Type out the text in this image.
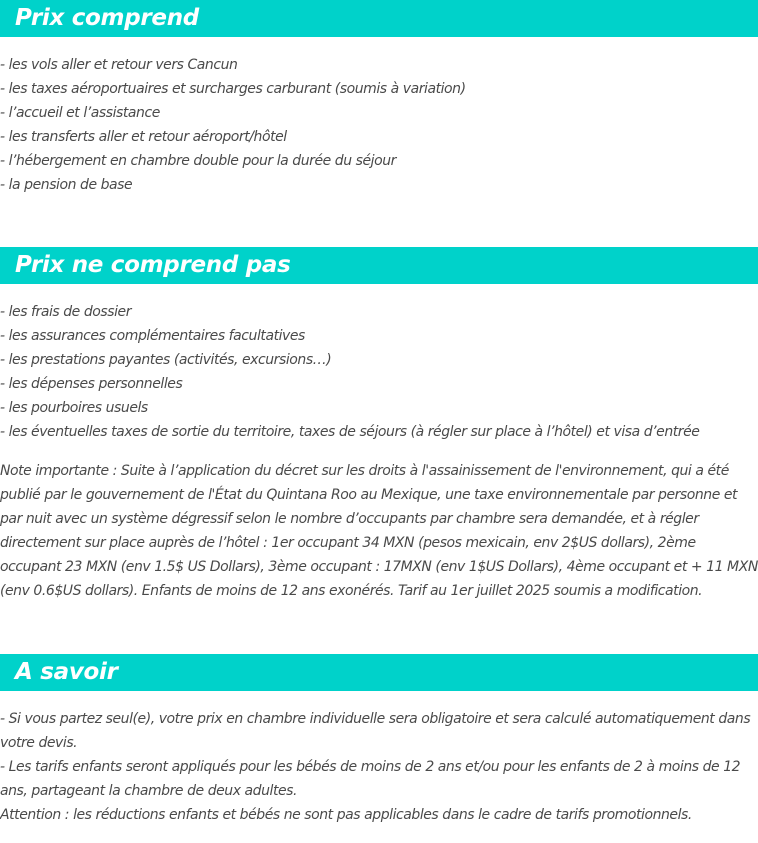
Prix comprend
- les vols aller et retour vers Cancun
- les taxes aéroportuaires et surcharges carburant (soumis à variation)
- l’accueil et l’assistance
- les transferts aller et retour aéroport/hôtel
- l’hébergement en chambre double pour la durée du séjour
- la pension de base
Prix ne comprend pas
- les frais de dossier
- les assurances complémentaires facultatives
- les prestations payantes (activités, excursions…)
- les dépenses personnelles
- les pourboires usuels
- les éventuelles taxes de sortie du territoire, taxes de séjours (à régler sur place à l’hôtel) et visa d’entrée

Note importante : Suite à l’application du décret sur les droits à l'assainissement de l'environnement, qui a été publié par le gouvernement de l'État du Quintana Roo au Mexique, une taxe environnementale par personne et par nuit avec un système dégressif selon le nombre d’occupants par chambre sera demandée, et à régler directement sur place auprès de l’hôtel : 1er occupant 34 MXN (pesos mexicain, env 2$US dollars), 2ème occupant 23 MXN (env 1.5$ US Dollars), 3ème occupant : 17MXN (env 1$US Dollars), 4ème occupant et + 11 MXN (env 0.6$US dollars). Enfants de moins de 12 ans exonérés. Tarif au 1er juillet 2025 soumis a modification.

A savoir

- Si vous partez seul(e), votre prix en chambre individuelle sera obligatoire et sera calculé automatiquement dans votre devis.

- Les tarifs enfants seront appliqués pour les bébés de moins de 2 ans et/ou pour les enfants de 2 à moins de 12 ans, partageant la chambre de deux adultes.

Attention : les réductions enfants et bébés ne sont pas applicables dans le cadre de tarifs promotionnels.
